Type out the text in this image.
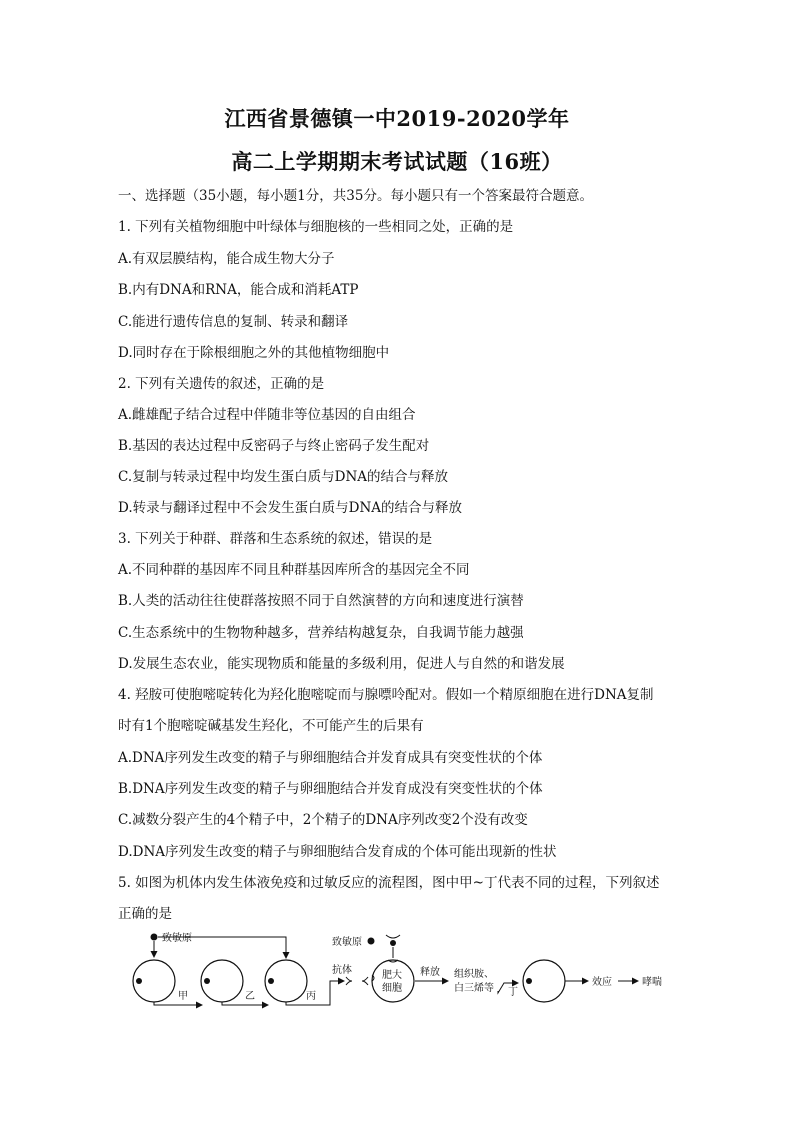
江西省景德镇一中2019-2020学年
高二上学期期末考试试题（16班）
一、选择题（35小题，每小题1分，共35分。每小题只有一个答案最符合题意。
1. 下列有关植物细胞中叶绿体与细胞核的一些相同之处，正确的是
A.有双层膜结构，能合成生物大分子
B.内有DNA和RNA，能合成和消耗ATP
C.能进行遗传信息的复制、转录和翻译
D.同时存在于除根细胞之外的其他植物细胞中
2. 下列有关遗传的叙述，正确的是
A.雌雄配子结合过程中伴随非等位基因的自由组合
B.基因的表达过程中反密码子与终止密码子发生配对
C.复制与转录过程中均发生蛋白质与DNA的结合与释放
D.转录与翻译过程中不会发生蛋白质与DNA的结合与释放
3. 下列关于种群、群落和生态系统的叙述，错误的是
A.不同种群的基因库不同且种群基因库所含的基因完全不同
B.人类的活动往往使群落按照不同于自然演替的方向和速度进行演替
C.生态系统中的生物物种越多，营养结构越复杂，自我调节能力越强
D.发展生态农业，能实现物质和能量的多级利用，促进人与自然的和谐发展
4. 羟胺可使胞嘧啶转化为羟化胞嘧啶而与腺嘌呤配对。假如一个精原细胞在进行DNA复制
时有1个胞嘧啶碱基发生羟化，不可能产生的后果有
A.DNA序列发生改变的精子与卵细胞结合并发育成具有突变性状的个体
B.DNA序列发生改变的精子与卵细胞结合并发育成没有突变性状的个体
C.减数分裂产生的4个精子中，2个精子的DNA序列改变2个没有改变
D.DNA序列发生改变的精子与卵细胞结合发育成的个体可能出现新的性状
5. 如图为机体内发生体液免疫和过敏反应的流程图，图中甲~丁代表不同的过程，下列叙述
正确的是
致敏原
甲	乙	丙
抗体
致敏原
肥大
细胞
释放 组织胺、
白三烯等 丁
效应	哮喘
